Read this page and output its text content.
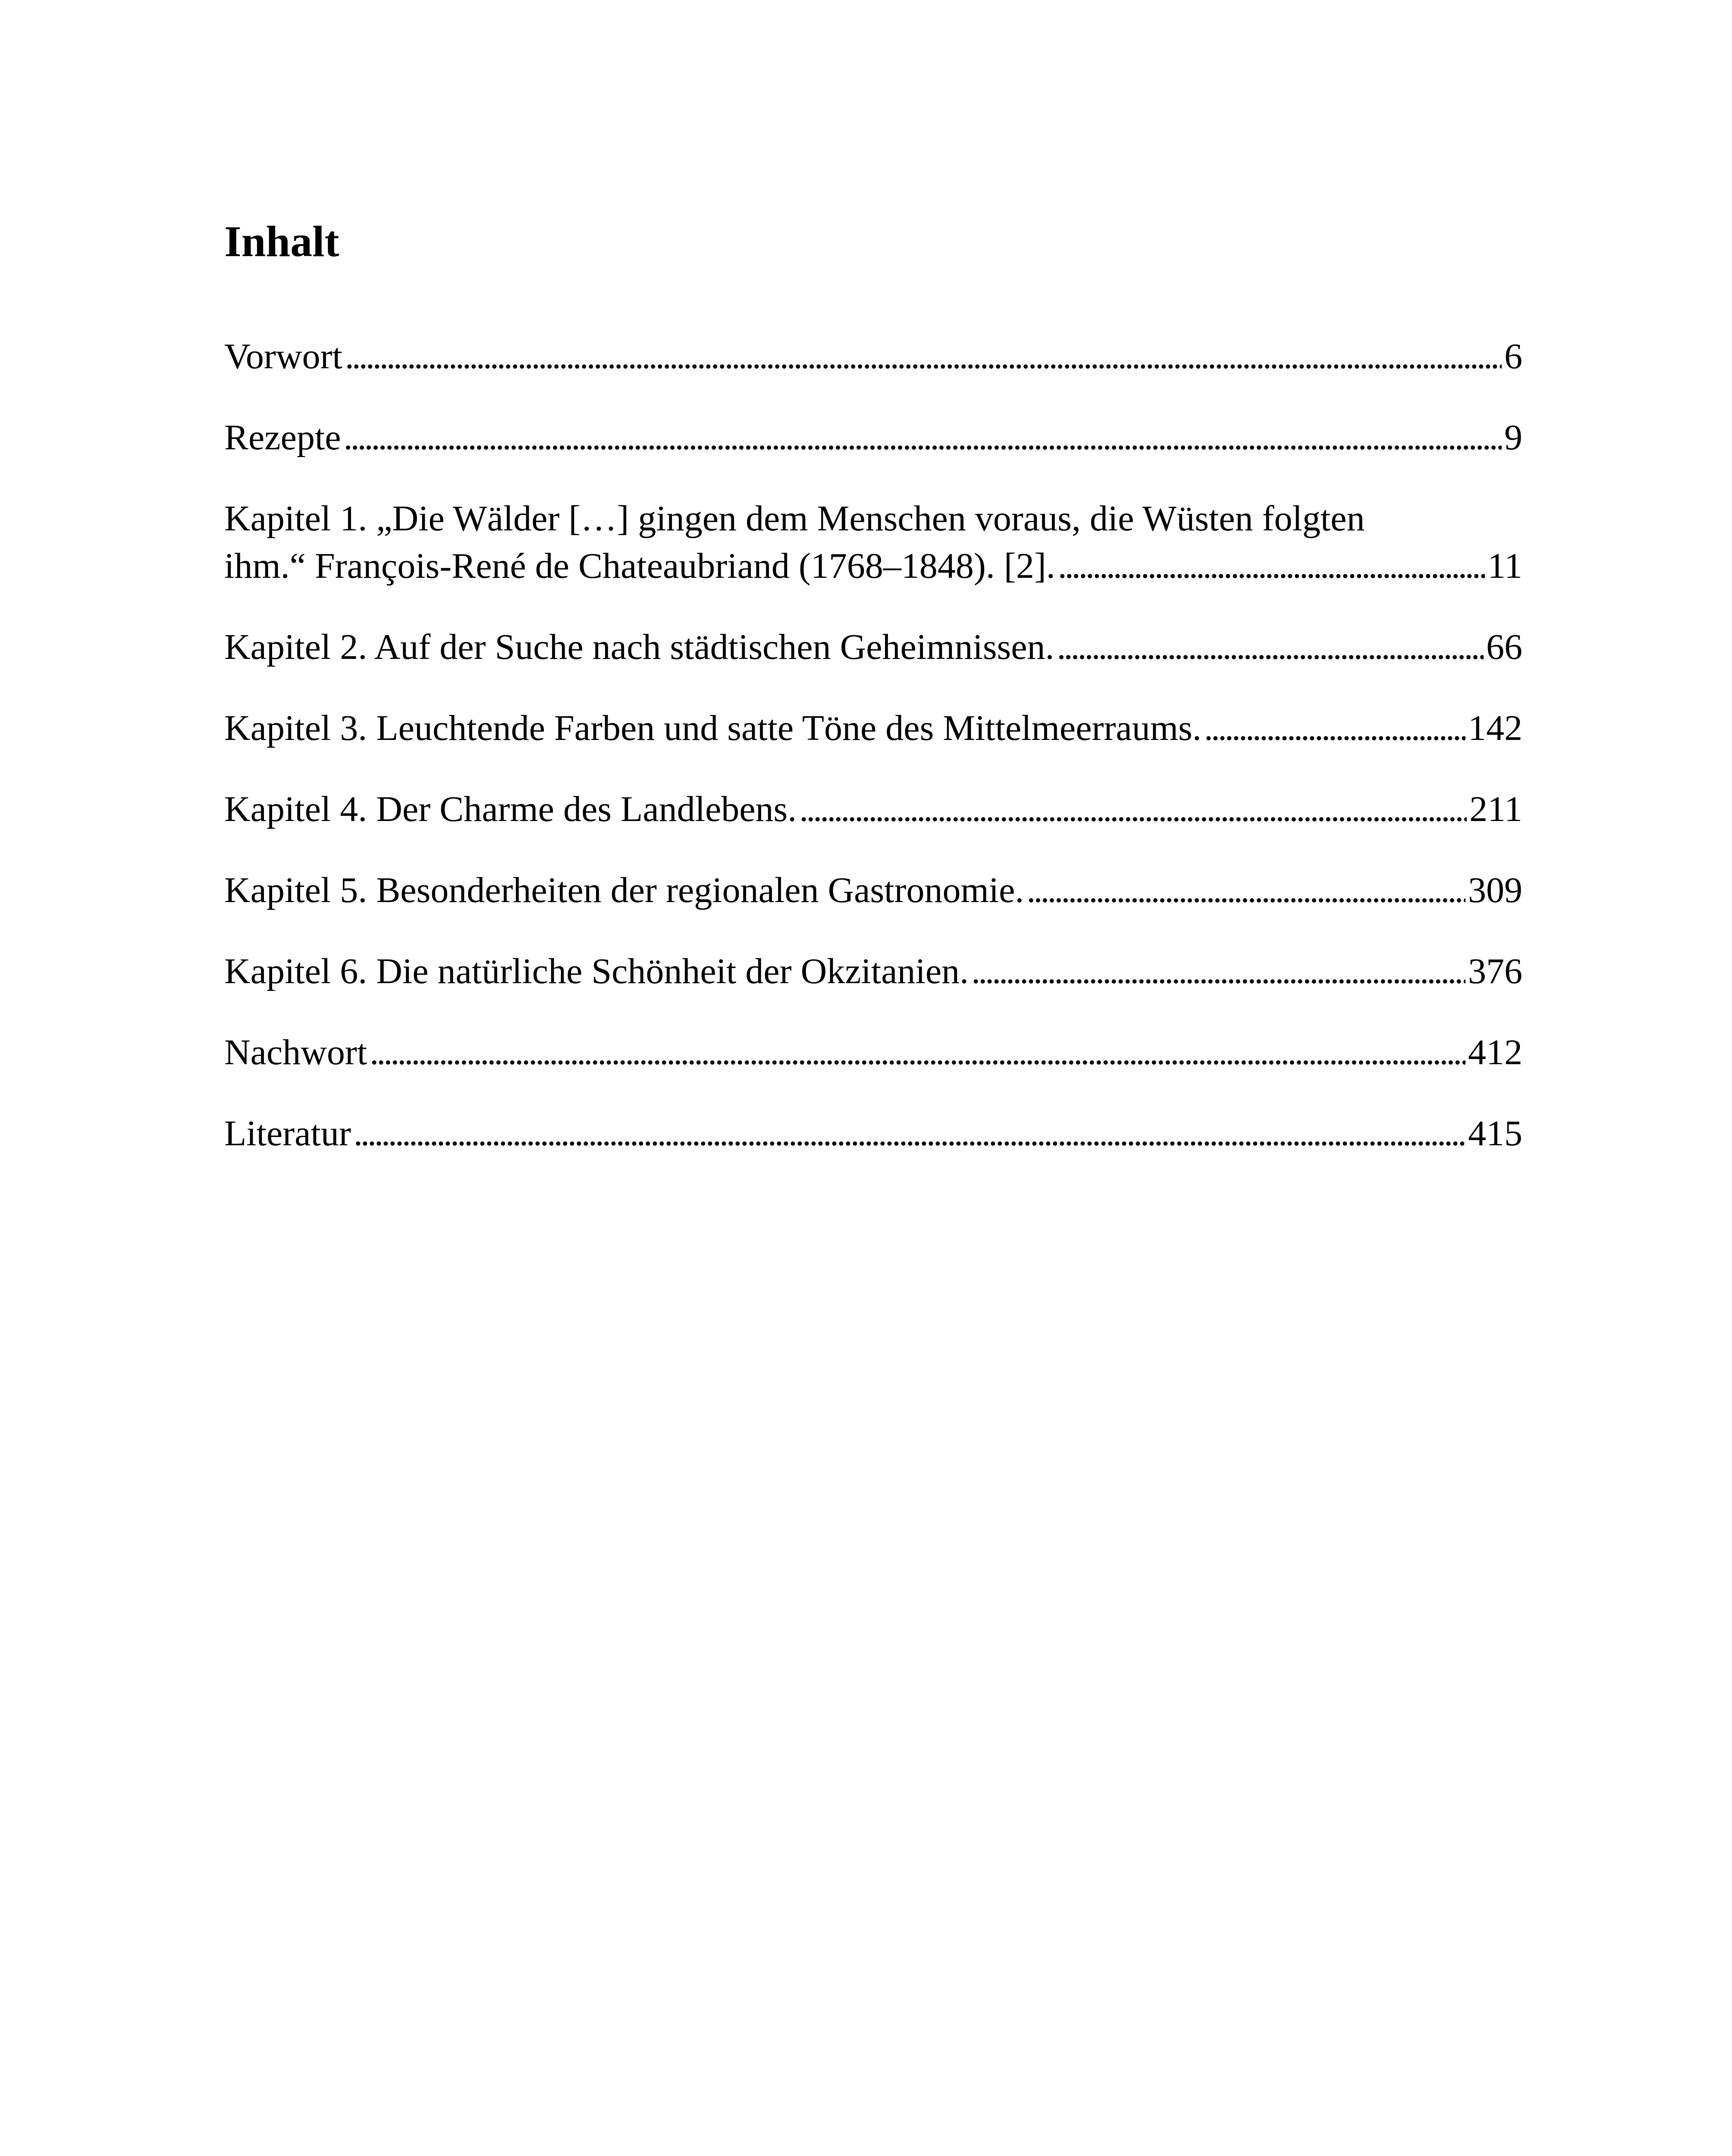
Inhalt
Vorwort . . .	6
Rezepte . . .	9
Kapitel 1. „Die Wälder […] gingen dem Menschen voraus, die Wüsten folgten
ihm.“ François-René de Chateaubriand (1768–1848). [2]. . . .	11
Kapitel 2. Auf der Suche nach städtischen Geheimnissen. . . .	66
Kapitel 3. Leuchtende Farben und satte Töne des Mittelmeerraums. . . .	142
Kapitel 4. Der Charme des Landlebens. . . .	211
Kapitel 5. Besonderheiten der regionalen Gastronomie. . . .	309
Kapitel 6. Die natürliche Schönheit der Okzitanien. . . .	376
Nachwort . . .	412
Literatur . . .	415
